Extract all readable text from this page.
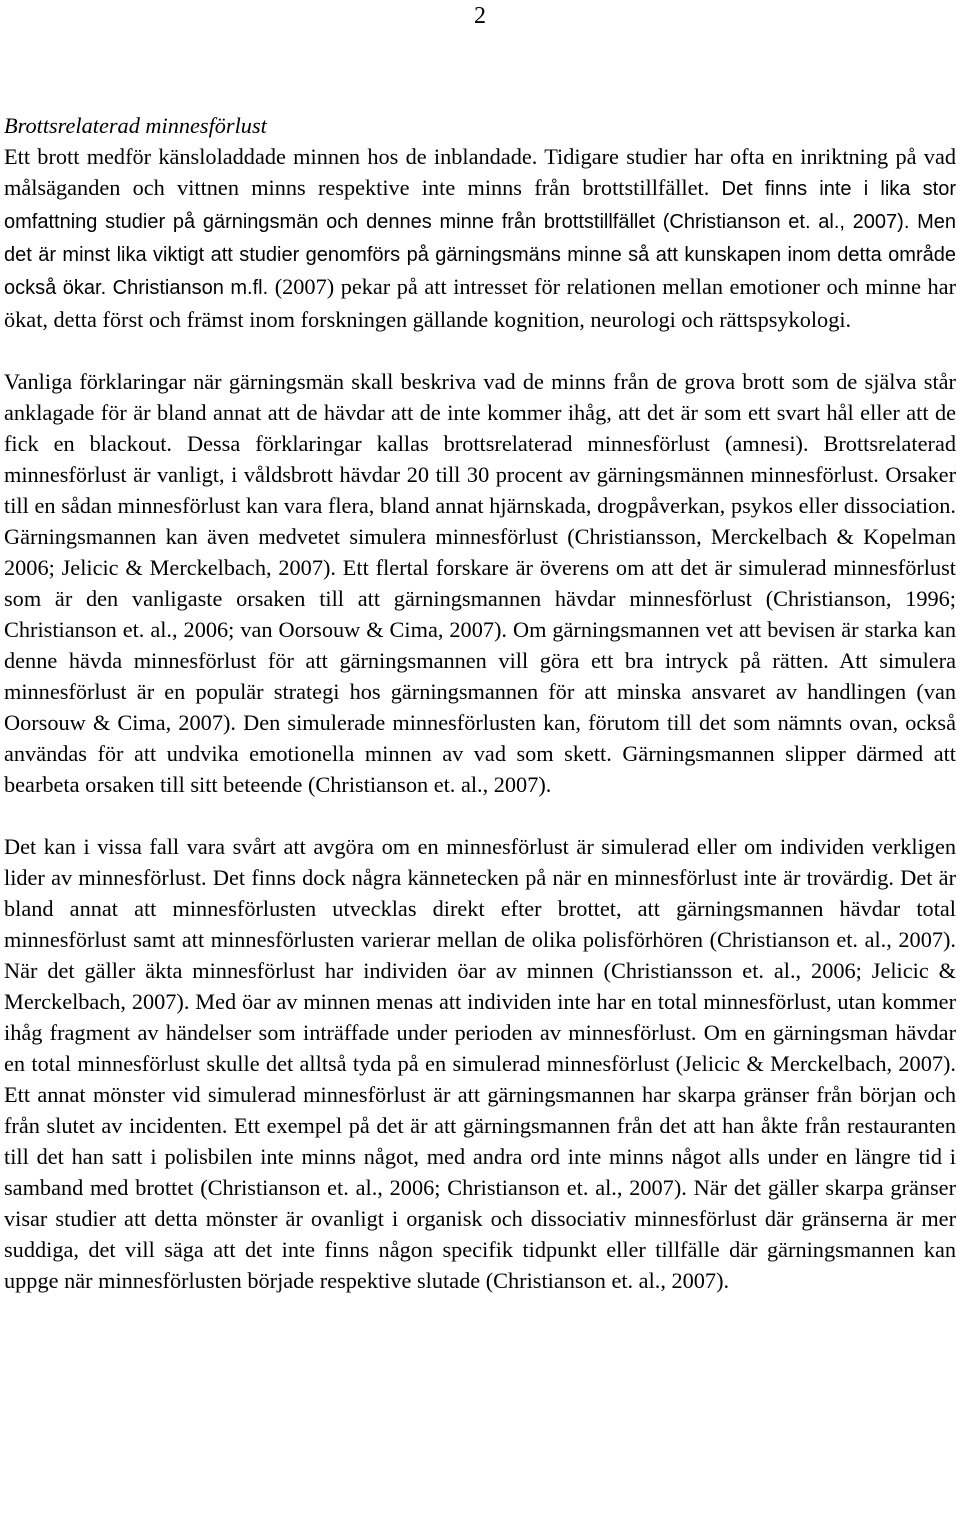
2

Brottsrelaterad minnesförlust

Ett brott medför känsloladdade minnen hos de inblandade. Tidigare studier har ofta en inriktning på vad målsäganden och vittnen minns respektive inte minns från brottstillfället. Det finns inte i lika stor omfattning studier på gärningsmän och dennes minne från brottstillfället (Christianson et. al., 2007). Men det är minst lika viktigt att studier genomförs på gärningsmäns minne så att kunskapen inom detta område också ökar. Christianson m.fl. (2007) pekar på att intresset för relationen mellan emotioner och minne har ökat, detta först och främst inom forskningen gällande kognition, neurologi och rättspsykologi.

Vanliga förklaringar när gärningsmän skall beskriva vad de minns från de grova brott som de själva står anklagade för är bland annat att de hävdar att de inte kommer ihåg, att det är som ett svart hål eller att de fick en blackout. Dessa förklaringar kallas brottsrelaterad minnesförlust (amnesi). Brottsrelaterad minnesförlust är vanligt, i våldsbrott hävdar 20 till 30 procent av gärningsmännen minnesförlust. Orsaker till en sådan minnesförlust kan vara flera, bland annat hjärnskada, drogpåverkan, psykos eller dissociation. Gärningsmannen kan även medvetet simulera minnesförlust (Christiansson, Merckelbach & Kopelman 2006; Jelicic & Merckelbach, 2007). Ett flertal forskare är överens om att det är simulerad minnesförlust som är den vanligaste orsaken till att gärningsmannen hävdar minnesförlust (Christianson, 1996; Christianson et. al., 2006; van Oorsouw & Cima, 2007). Om gärningsmannen vet att bevisen är starka kan denne hävda minnesförlust för att gärningsmannen vill göra ett bra intryck på rätten. Att simulera minnesförlust är en populär strategi hos gärningsmannen för att minska ansvaret av handlingen (van Oorsouw & Cima, 2007). Den simulerade minnesförlusten kan, förutom till det som nämnts ovan, också användas för att undvika emotionella minnen av vad som skett. Gärningsmannen slipper därmed att bearbeta orsaken till sitt beteende (Christianson et. al., 2007).

Det kan i vissa fall vara svårt att avgöra om en minnesförlust är simulerad eller om individen verkligen lider av minnesförlust. Det finns dock några kännetecken på när en minnesförlust inte är trovärdig. Det är bland annat att minnesförlusten utvecklas direkt efter brottet, att gärningsmannen hävdar total minnesförlust samt att minnesförlusten varierar mellan de olika polisförhören (Christianson et. al., 2007). När det gäller äkta minnesförlust har individen öar av minnen (Christiansson et. al., 2006; Jelicic & Merckelbach, 2007). Med öar av minnen menas att individen inte har en total minnesförlust, utan kommer ihåg fragment av händelser som inträffade under perioden av minnesförlust. Om en gärningsman hävdar en total minnesförlust skulle det alltså tyda på en simulerad minnesförlust (Jelicic & Merckelbach, 2007). Ett annat mönster vid simulerad minnesförlust är att gärningsmannen har skarpa gränser från början och från slutet av incidenten. Ett exempel på det är att gärningsmannen från det att han åkte från restauranten till det han satt i polisbilen inte minns något, med andra ord inte minns något alls under en längre tid i samband med brottet (Christianson et. al., 2006; Christianson et. al., 2007). När det gäller skarpa gränser visar studier att detta mönster är ovanligt i organisk och dissociativ minnesförlust där gränserna är mer suddiga, det vill säga att det inte finns någon specifik tidpunkt eller tillfälle där gärningsmannen kan uppge när minnesförlusten började respektive slutade (Christianson et. al., 2007).
